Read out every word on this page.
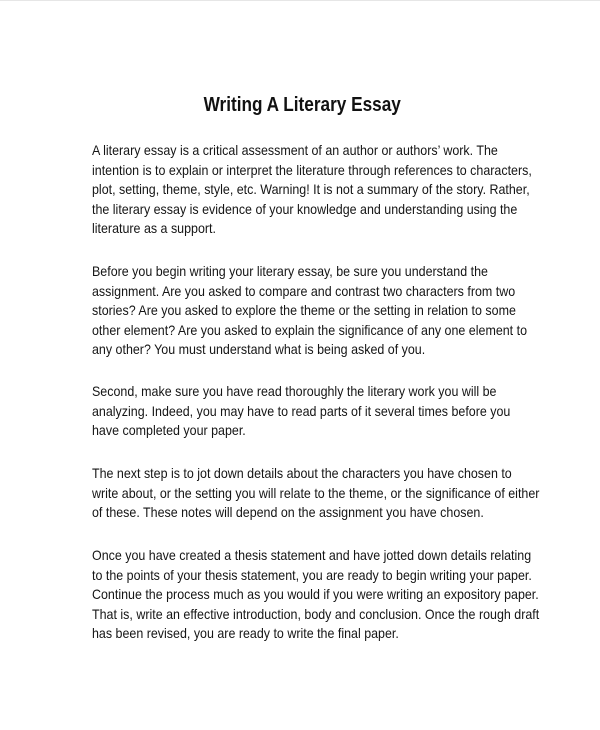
Writing A Literary Essay

A literary essay is a critical assessment of an author or authors’ work. The
intention is to explain or interpret the literature through references to characters,
plot, setting, theme, style, etc. Warning! It is not a summary of the story. Rather,
the literary essay is evidence of your knowledge and understanding using the
literature as a support.

Before you begin writing your literary essay, be sure you understand the
assignment. Are you asked to compare and contrast two characters from two
stories? Are you asked to explore the theme or the setting in relation to some
other element? Are you asked to explain the significance of any one element to
any other? You must understand what is being asked of you.

Second, make sure you have read thoroughly the literary work you will be
analyzing. Indeed, you may have to read parts of it several times before you
have completed your paper.

The next step is to jot down details about the characters you have chosen to
write about, or the setting you will relate to the theme, or the significance of either
of these. These notes will depend on the assignment you have chosen.

Once you have created a thesis statement and have jotted down details relating
to the points of your thesis statement, you are ready to begin writing your paper.
Continue the process much as you would if you were writing an expository paper.
That is, write an effective introduction, body and conclusion. Once the rough draft
has been revised, you are ready to write the final paper.
